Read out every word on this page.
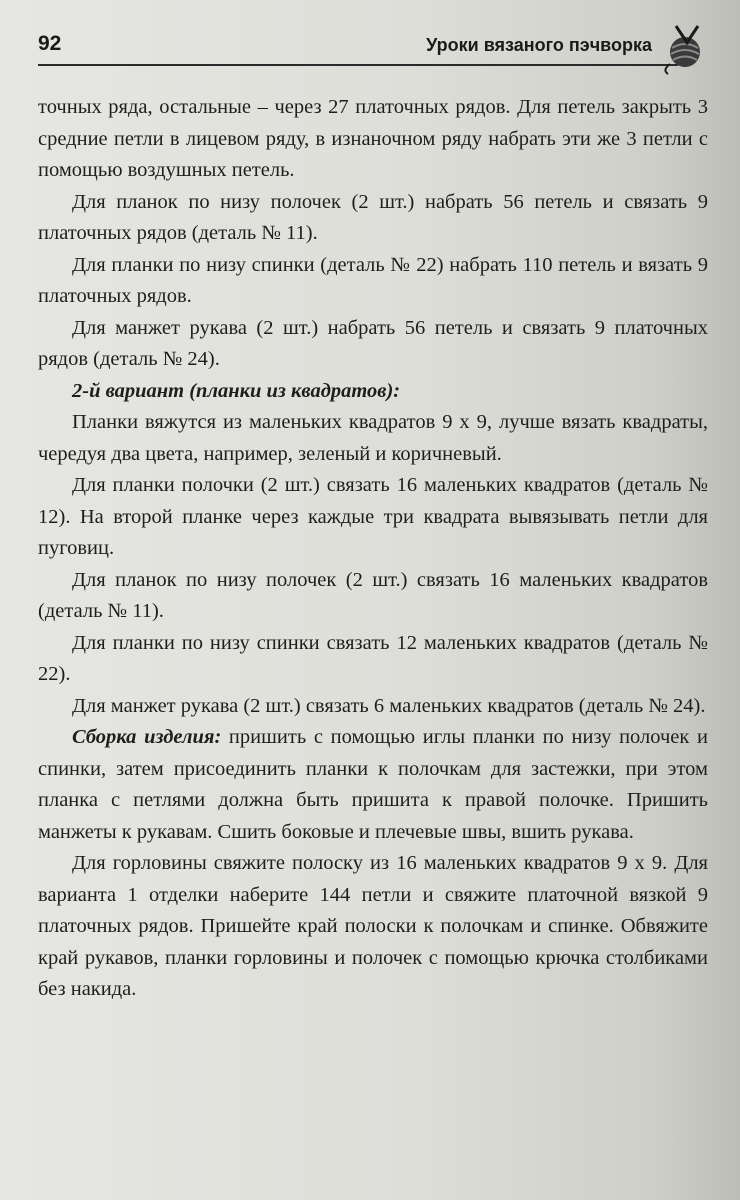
92	Уроки вязаного пэчворка

точных ряда, остальные – через 27 платочных рядов. Для петель закрыть 3 средние петли в лицевом ряду, в изнаночном ряду набрать эти же 3 петли с помощью воздушных петель.

Для планок по низу полочек (2 шт.) набрать 56 петель и связать 9 платочных рядов (деталь № 11).

Для планки по низу спинки (деталь № 22) набрать 110 петель и вязать 9 платочных рядов.

Для манжет рукава (2 шт.) набрать 56 петель и связать 9 платочных рядов (деталь № 24).

2-й вариант (планки из квадратов):

Планки вяжутся из маленьких квадратов 9 х 9, лучше вязать квадраты, чередуя два цвета, например, зеленый и коричневый.

Для планки полочки (2 шт.) связать 16 маленьких квадратов (деталь № 12). На второй планке через каждые три квадрата вывязывать петли для пуговиц.

Для планок по низу полочек (2 шт.) связать 16 маленьких квадратов (деталь № 11).

Для планки по низу спинки связать 12 маленьких квадратов (деталь № 22).

Для манжет рукава (2 шт.) связать 6 маленьких квадратов (деталь № 24).

Сборка изделия: пришить с помощью иглы планки по низу полочек и спинки, затем присоединить планки к полочкам для застежки, при этом планка с петлями должна быть пришита к правой полочке. Пришить манжеты к рукавам. Сшить боковые и плечевые швы, вшить рукава.

Для горловины свяжите полоску из 16 маленьких квадратов 9 х 9. Для варианта 1 отделки наберите 144 петли и свяжите платочной вязкой 9 платочных рядов. Пришейте край полоски к полочкам и спинке. Обвяжите край рукавов, планки горловины и полочек с помощью крючка столбиками без накида.
